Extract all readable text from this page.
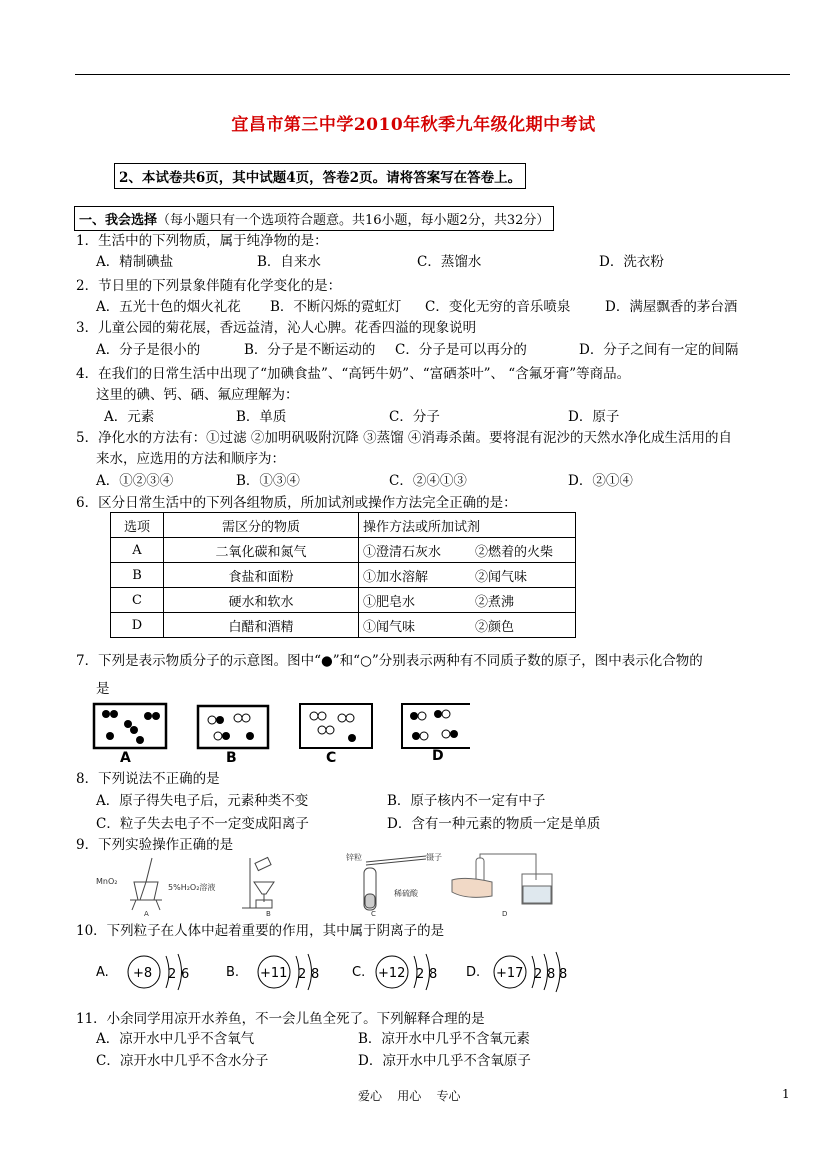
宜昌市第三中学2010年秋季九年级化期中考试
2、本试卷共6页，其中试题4页，答卷2页。请将答案写在答卷上。
一、我会选择（每小题只有一个选项符合题意。共16小题，每小题2分，共32分）
1．生活中的下列物质，属于纯净物的是：
A．精制碘盐	B．自来水	C．蒸馏水	D．洗衣粉
2．节日里的下列景象伴随有化学变化的是：
A．五光十色的烟火礼花 B．不断闪烁的霓虹灯 C．变化无穷的音乐喷泉	D．满屋飘香的茅台酒
3．儿童公园的菊花展，香远益清，沁人心脾。花香四溢的现象说明
A．分子是很小的	B．分子是不断运动的 C．分子是可以再分的	D．分子之间有一定的间隔
4．在我们的日常生活中出现了“加碘食盐”、“高钙牛奶”、“富硒茶叶”、 “含氟牙膏”等商品。
这里的碘、钙、硒、氟应理解为：
A．元素	B．单质	C．分子	D．原子
5．净化水的方法有：①过滤 ②加明矾吸附沉降 ③蒸馏 ④消毒杀菌。要将混有泥沙的天然水净化成生活用的自
来水，应选用的方法和顺序为：
A．①②③④	B．①③④	C．②④①③	D．②①④
6．区分日常生活中的下列各组物质，所加试剂或操作方法完全正确的是：
选项	需区分的物质	操作方法或所加试剂	
A	二氧化碳和氮气	①澄清石灰水	②燃着的火柴
B	食盐和面粉	①加水溶解	②闻气味
C	硬水和软水	①肥皂水	②煮沸
D	白醋和酒精	①闻气味	②颜色
7．下列是表示物质分子的示意图。图中“●”和“○”分别表示两种有不同质子数的原子，图中表示化合物的
是
A	B	C	D
8．下列说法不正确的是
A．原子得失电子后，元素种类不变	B．原子核内不一定有中子
C．粒子失去电子不一定变成阳离子	D．含有一种元素的物质一定是单质
9．下列实验操作正确的是
MnO₂
5%H₂O₂溶液
A	B
锌粒	镊子
稀硫酸
C	D
10．下列粒子在人体中起着重要的作用，其中属于阴离子的是
A. +8 2 6	B. +11 2 8	C. +12 2 8 D. +17 2 8 8
11．小余同学用凉开水养鱼，不一会儿鱼全死了。下列解释合理的是
A．凉开水中几乎不含氧气	B．凉开水中几乎不含氧元素
C．凉开水中几乎不含水分子	D．凉开水中几乎不含氧原子
爱心    用心    专心	1
